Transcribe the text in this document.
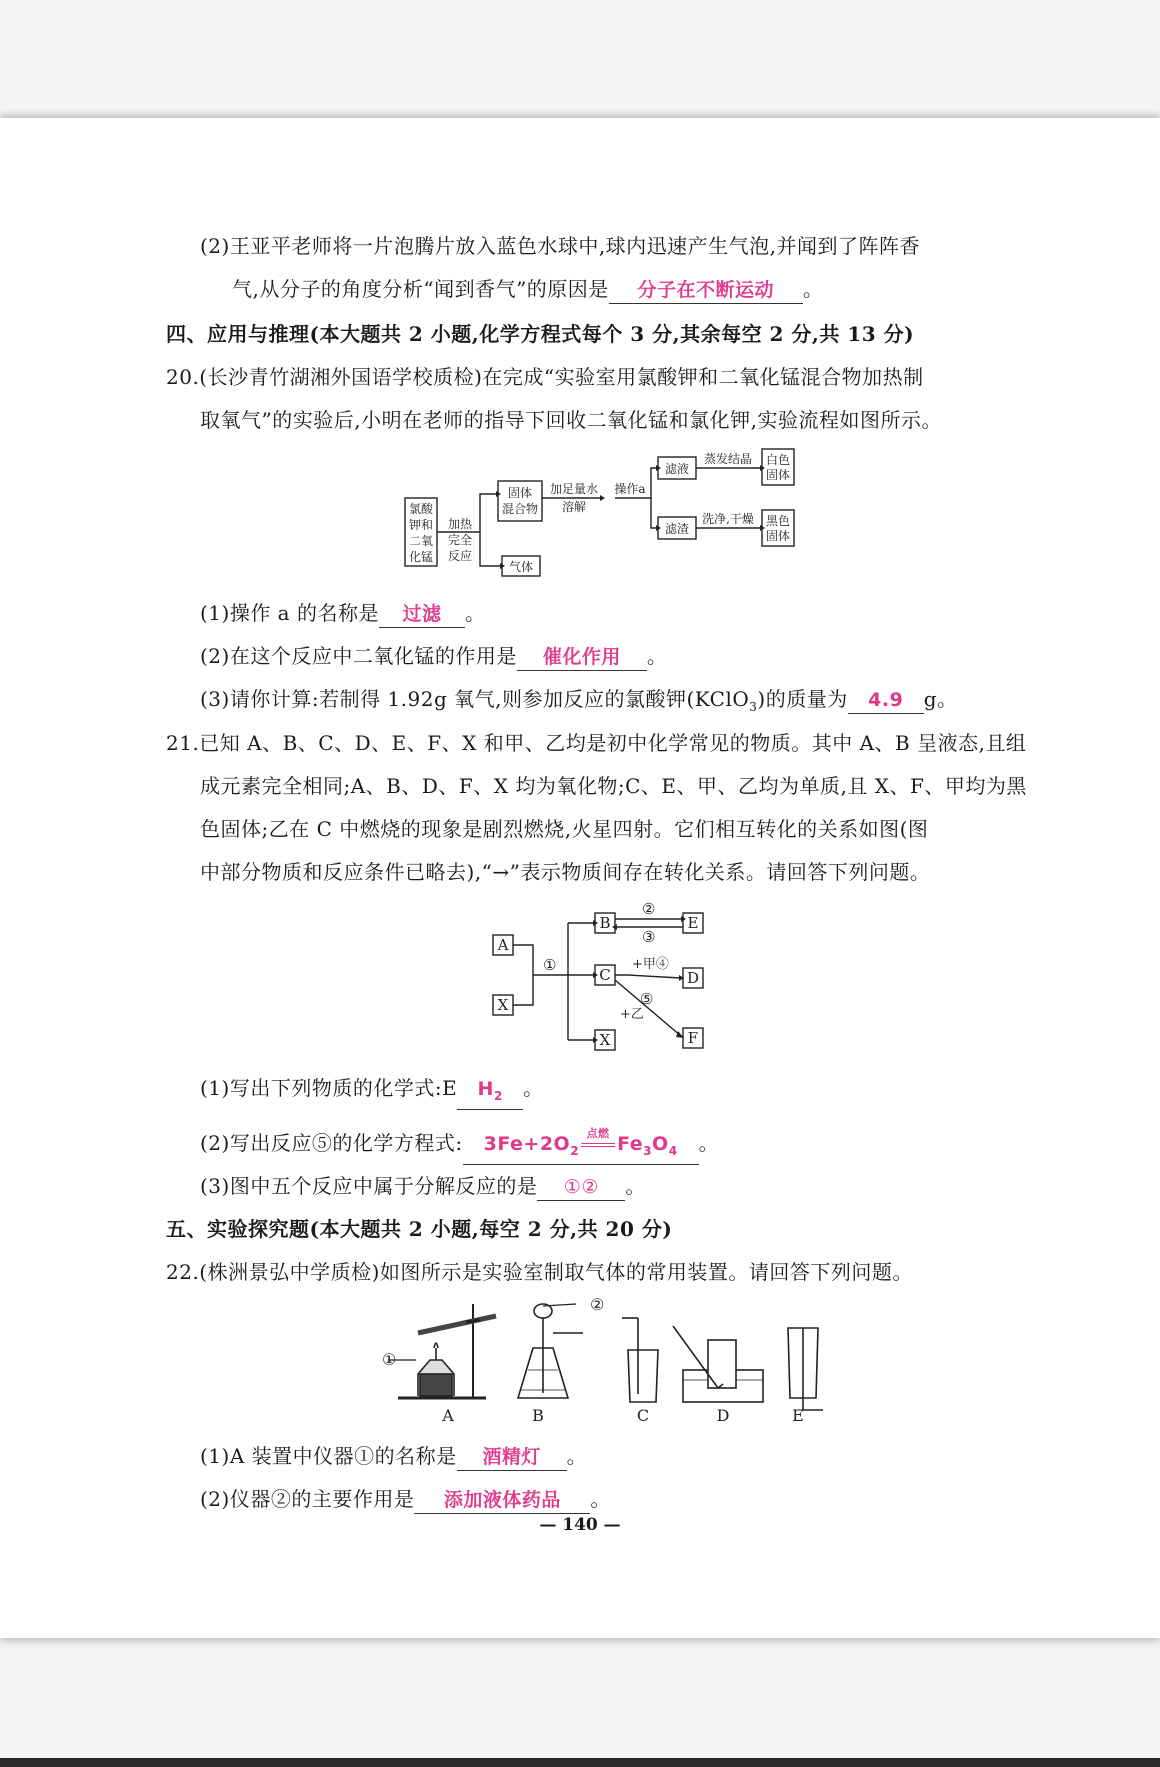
(2)王亚平老师将一片泡腾片放入蓝色水球中,球内迅速产生气泡,并闻到了阵阵香
气,从分子的角度分析“闻到香气”的原因是 分子在不断运动 。
四、应用与推理(本大题共 2 小题,化学方程式每个 3 分,其余每空 2 分,共 13 分)
20.(长沙青竹湖湘外国语学校质检)在完成“实验室用氯酸钾和二氧化锰混合物加热制
取氧气”的实验后,小明在老师的指导下回收二氧化锰和氯化钾,实验流程如图所示。
氯酸
钾和
二氧
化锰
加热
完全
反应
固体
混合物
气体
加足量水
溶解
操作a
滤液
滤渣
蒸发结晶
洗净,干燥
白色
固体
黑色
固体
(1)操作 a 的名称是 过滤 。
(2)在这个反应中二氧化锰的作用是 催化作用 。
(3)请你计算:若制得 1.92g 氧气,则参加反应的氯酸钾(KClO$_3$)的质量为 4.9 g。
21.已知 A、B、C、D、E、F、X 和甲、乙均是初中化学常见的物质。其中 A、B 呈液态,且组
成元素完全相同;A、B、D、F、X 均为氧化物;C、E、甲、乙均为单质,且 X、F、甲均为黑
色固体;乙在 C 中燃烧的现象是剧烈燃烧,火星四射。它们相互转化的关系如图(图
中部分物质和反应条件已略去),“→”表示物质间存在转化关系。请回答下列问题。
A
X
B	E
C	D
X	F
①
②
③
+甲④
⑤
+乙
(1)写出下列物质的化学式:E $H_2$ 。
(2)写出反应⑤的化学方程式: $3Fe+2O_2$
点燃 $Fe_3O_4$ 。
(3)图中五个反应中属于分解反应的是 ①② 。
五、实验探究题(本大题共 2 小题,每空 2 分,共 20 分)
22.(株洲景弘中学质检)如图所示是实验室制取气体的常用装置。请回答下列问题。
①
②
A	B	C	D	E
(1)A 装置中仪器①的名称是 酒精灯 。
(2)仪器②的主要作用是 添加液体药品 。
— 140 —
